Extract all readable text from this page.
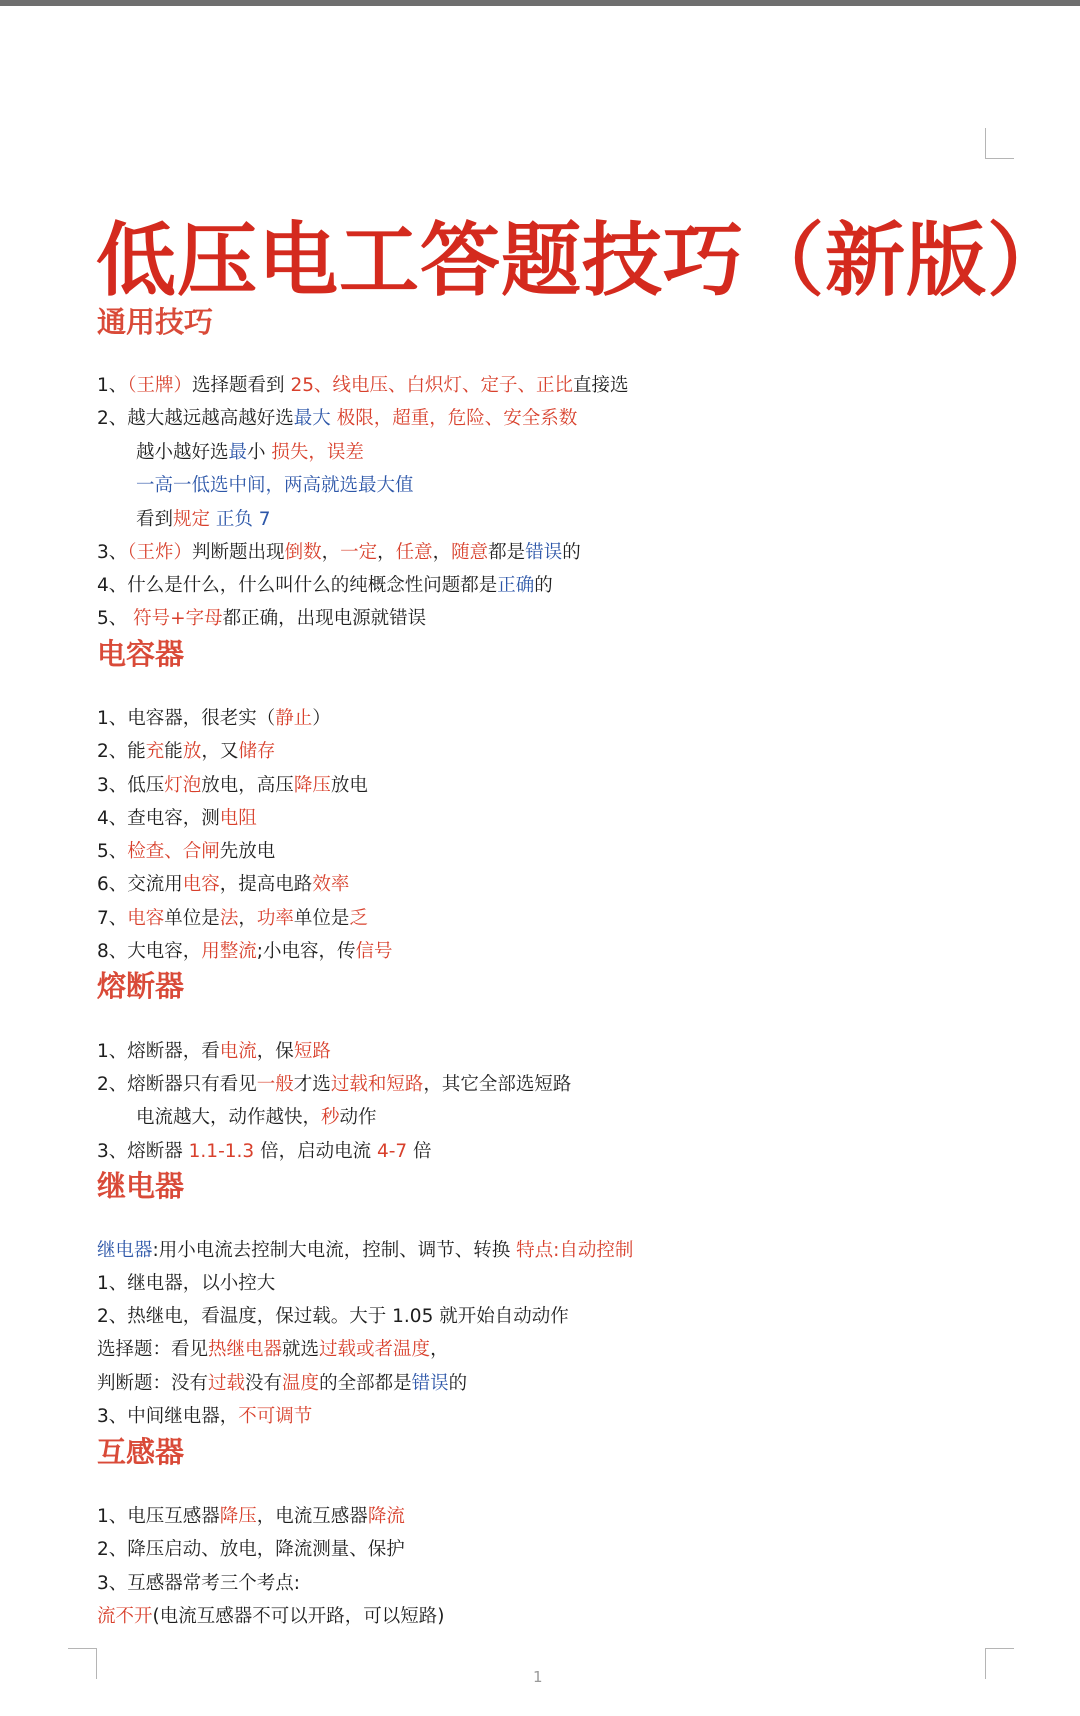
低压电工答题技巧（新版）
通用技巧
1、（王牌）选择题看到 25、线电压、白炽灯、定子、正比直接选
2、越大越远越高越好选最大 极限，超重，危险、安全系数
越小越好选最小 损失，误差
一高一低选中间，两高就选最大值
看到规定 正负 7
3、（王炸）判断题出现倒数，一定，任意，随意都是错误的
4、什么是什么，什么叫什么的纯概念性问题都是正确的
5、 符号+字母都正确，出现电源就错误
电容器
1、电容器，很老实（静止）
2、能充能放，又储存
3、低压灯泡放电，高压降压放电
4、查电容，测电阻
5、检查、合闸先放电
6、交流用电容，提高电路效率
7、电容单位是法，功率单位是乏
8、大电容，用整流;小电容，传信号
熔断器
1、熔断器，看电流，保短路
2、熔断器只有看见一般才选过载和短路，其它全部选短路
电流越大，动作越快，秒动作
3、熔断器 1.1-1.3 倍，启动电流 4-7 倍
继电器
继电器:用小电流去控制大电流，控制、调节、转换 特点:自动控制
1、继电器，以小控大
2、热继电，看温度，保过载。大于 1.05 就开始自动动作
选择题：看见热继电器就选过载或者温度，
判断题：没有过载没有温度的全部都是错误的
3、中间继电器，不可调节
互感器
1、电压互感器降压，电流互感器降流
2、降压启动、放电，降流测量、保护
3、互感器常考三个考点:
流不开(电流互感器不可以开路，可以短路)
1
